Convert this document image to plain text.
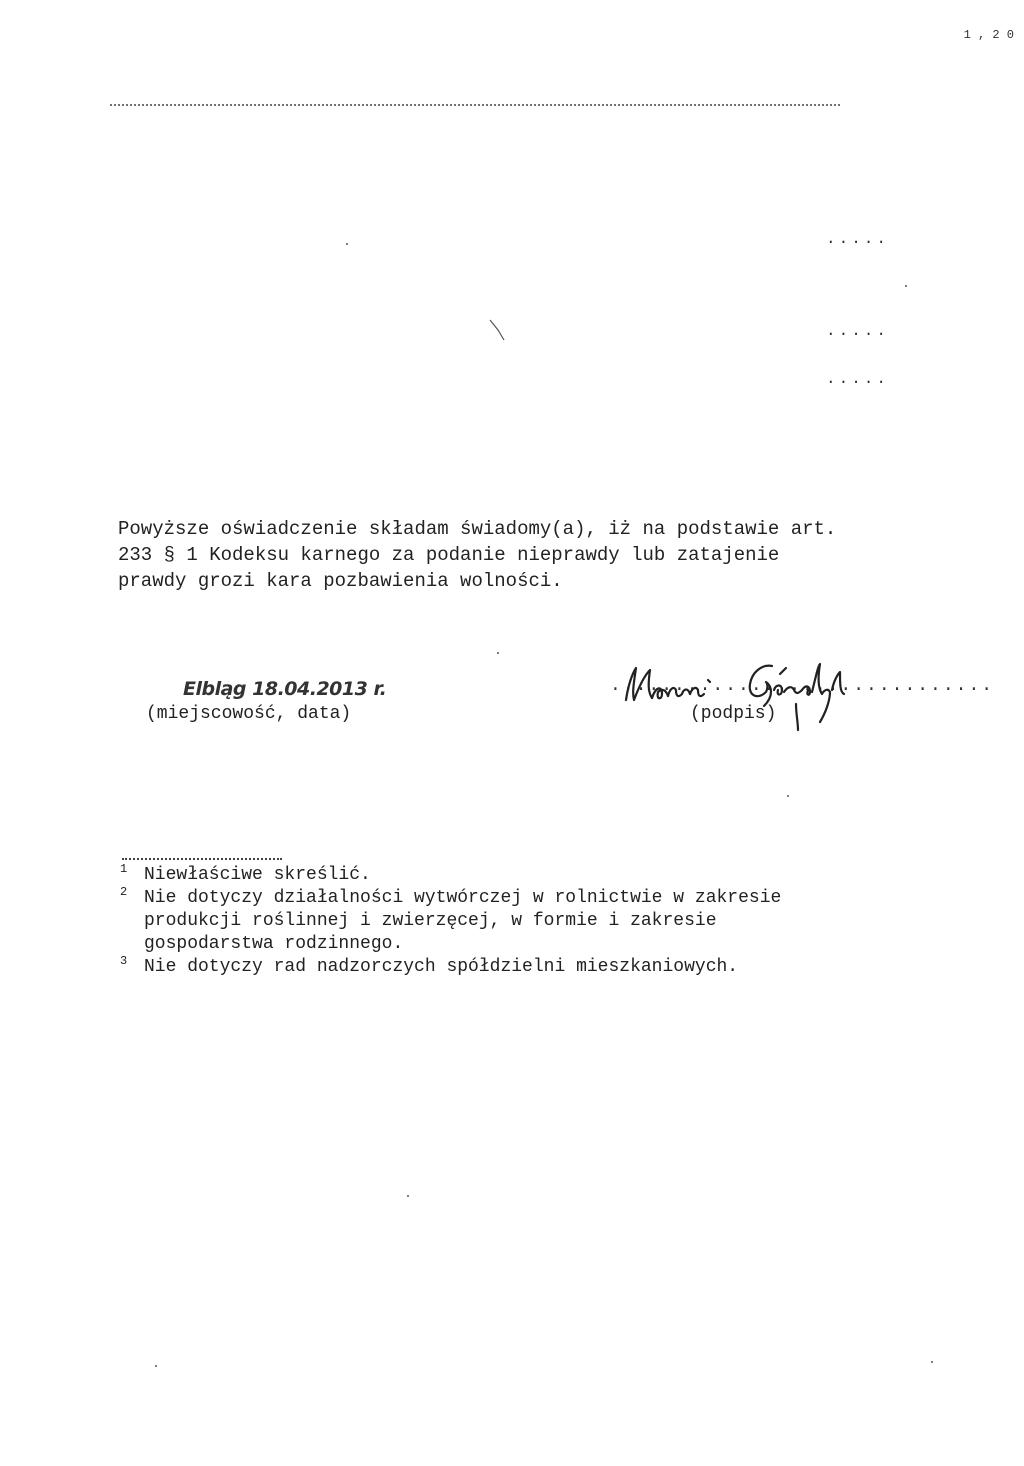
1 , 2 0
.....
.....
.....

Powyższe oświadczenie składam świadomy(a), iż na podstawie art.
233 § 1 Kodeksu karnego za podanie nieprawdy lub zatajenie
prawdy grozi kara pozbawienia wolności.

Elbląg 18.04.2013 r.
(miejscowość, data)
..............................
(podpis)
1 Niewłaściwe skreślić.
2 Nie dotyczy działalności wytwórczej w rolnictwie w zakresie
produkcji roślinnej i zwierzęcej, w formie i zakresie
gospodarstwa rodzinnego.
3 Nie dotyczy rad nadzorczych spółdzielni mieszkaniowych.
